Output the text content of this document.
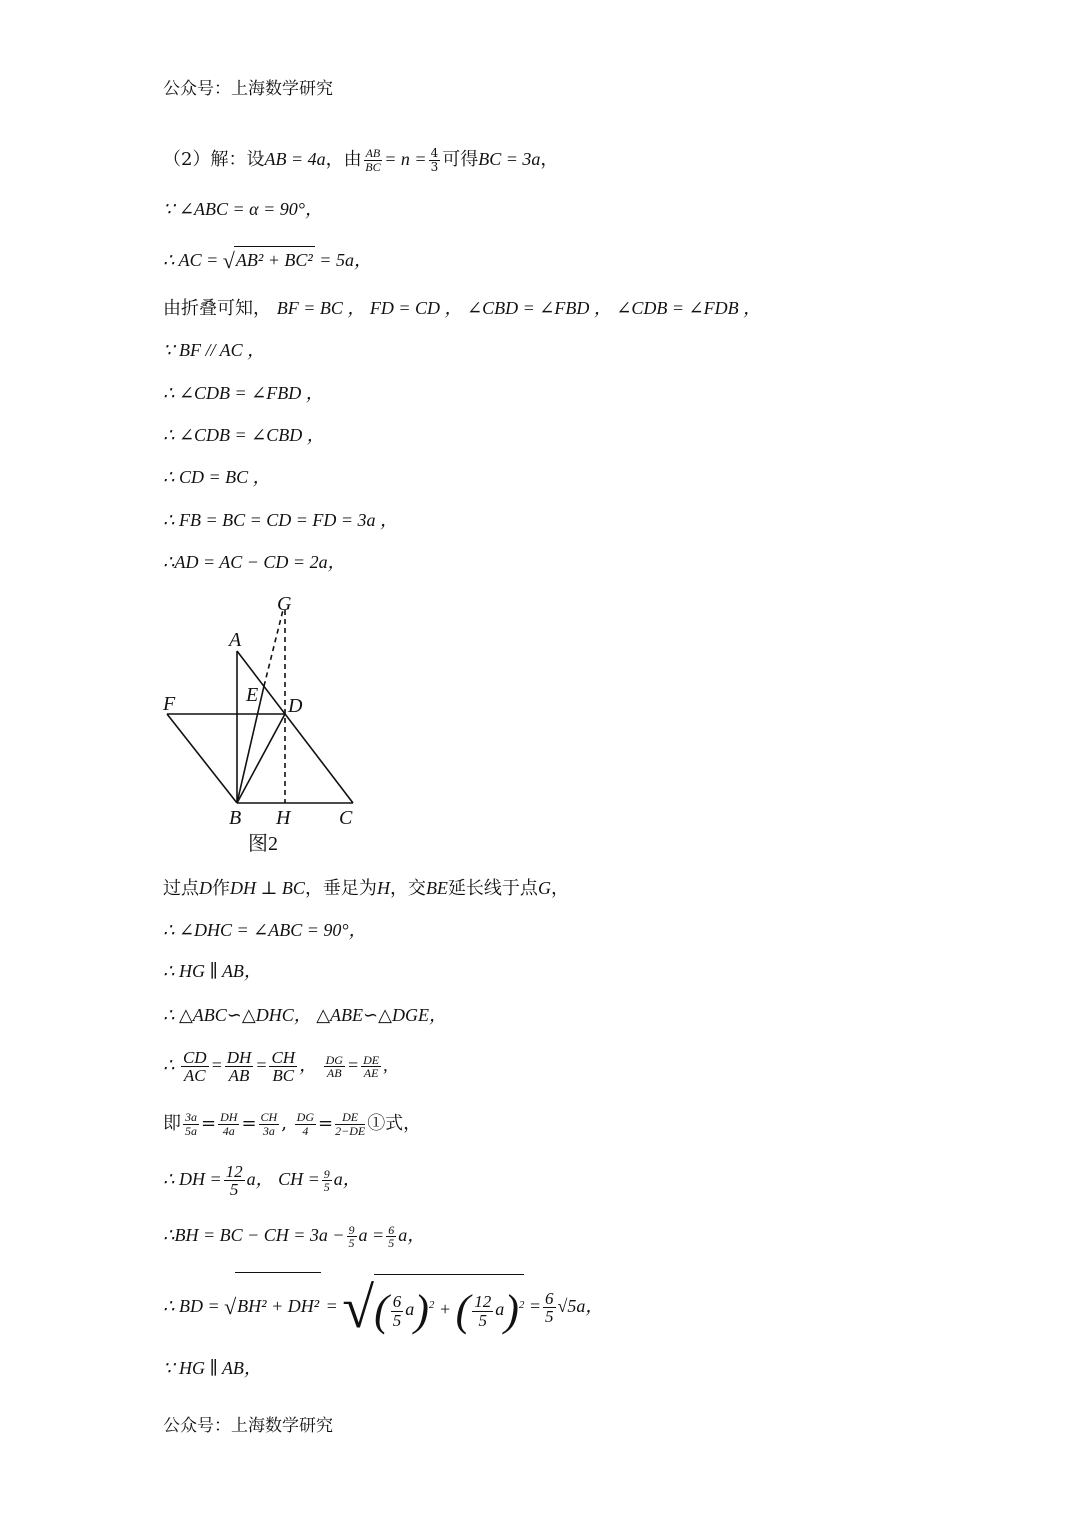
公众号：上海数学研究
（2）解：设AB = 4a，由 $\frac{AB}{BC} = n = \frac{4}{3}$ 可得BC = 3a，
∵ ∠ABC = α = 90°，
∴ AC = √AB² + BC² = 5a，
由折叠可知， BF = BC ， FD = CD ， ∠CBD = ∠FBD ， ∠CDB = ∠FDB ，
∵ BF // AC ，
∴ ∠CDB = ∠FBD ，
∴ ∠CDB = ∠CBD ，
∴ CD = BC ，
∴ FB = BC = CD = FD = 3a ，
∴AD = AC − CD = 2a，
G
A
E
F	D
B H C
图2
过点D作DH ⊥ BC，垂足为H，交BE延长线于点G，
∴ ∠DHC = ∠ABC = 90°，
∴ HG ∥ AB，
∴ △ABC∽△DHC， △ABE∽△DGE，
∴ $\frac{CD}{AC} = \frac{DH}{AB} = \frac{CH}{BC}$ ， $\frac{DG}{AB} = \frac{DE}{AE}$ ,
即 $\frac{3a}{5a} = \frac{DH}{4a} = \frac{CH}{3a}$ , $\frac{DG}{4} = \frac{DE}{2-DE}$ ①式，
∴ DH = $\frac{12}{5}$ a， CH = $\frac{9}{5}$ a，
∴BH = BC − CH = $3a - \frac{9}{5}$ $a = \frac{6}{5}$ a，
∴ BD = √BH² + DH² = √( $\frac{6}{5} a)^2$ + ( $\frac{12}{5} a)^2 = \frac{6}{5} √5a$，
∵ HG ∥ AB，
公众号：上海数学研究
